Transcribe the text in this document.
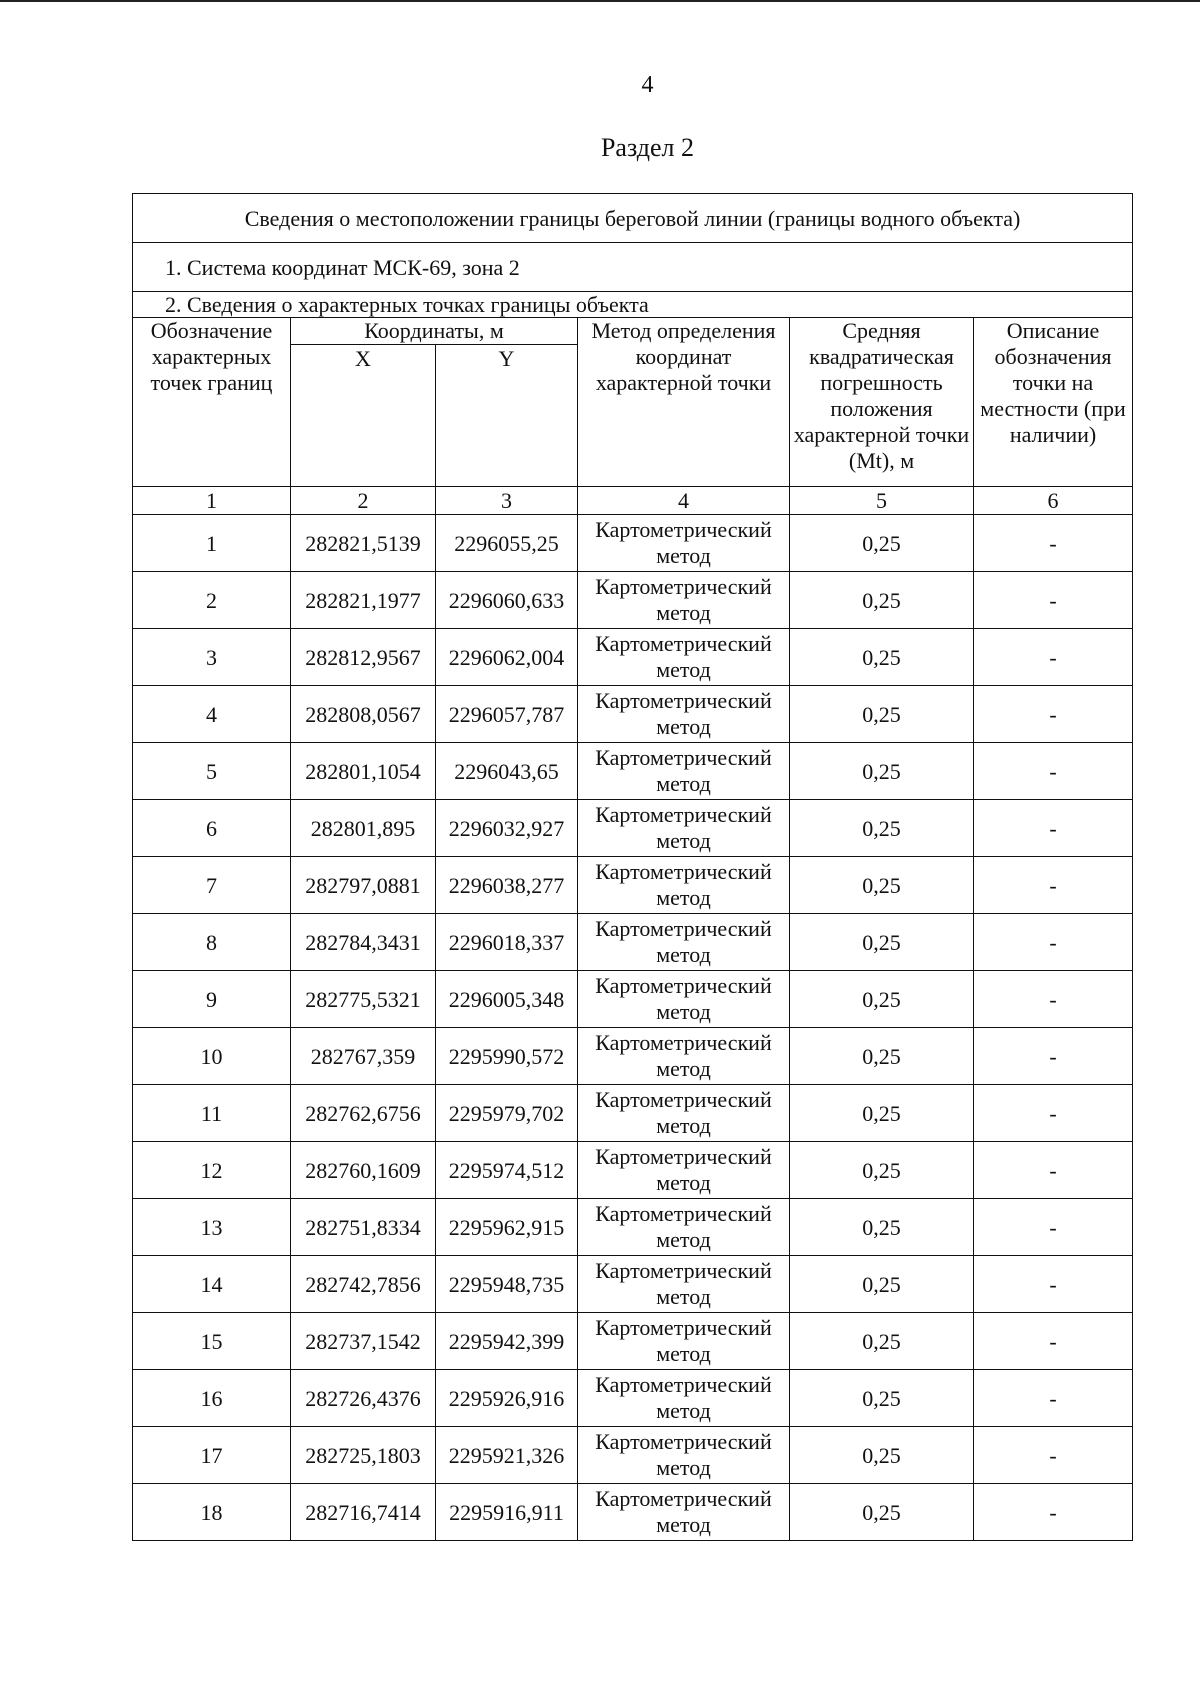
4
Раздел 2
Сведения о местоположении границы береговой линии (границы водного объекта)					
1. Система координат МСК-69, зона 2					
2. Сведения о характерных точках границы объекта					
Обозначение характерных точек границ	Координаты, м		Метод определения координат характерной точки	Средняя квадратическая погрешность положения характерной точки (Mt), м	Описание обозначения точки на местности (при наличии)
	X	Y			
1	2	3	4	5	6
1	282821,5139	2296055,25	Картометрический метод	0,25	-
2	282821,1977	2296060,633	Картометрический метод	0,25	-
3	282812,9567	2296062,004	Картометрический метод	0,25	-
4	282808,0567	2296057,787	Картометрический метод	0,25	-
5	282801,1054	2296043,65	Картометрический метод	0,25	-
6	282801,895	2296032,927	Картометрический метод	0,25	-
7	282797,0881	2296038,277	Картометрический метод	0,25	-
8	282784,3431	2296018,337	Картометрический метод	0,25	-
9	282775,5321	2296005,348	Картометрический метод	0,25	-
10	282767,359	2295990,572	Картометрический метод	0,25	-
11	282762,6756	2295979,702	Картометрический метод	0,25	-
12	282760,1609	2295974,512	Картометрический метод	0,25	-
13	282751,8334	2295962,915	Картометрический метод	0,25	-
14	282742,7856	2295948,735	Картометрический метод	0,25	-
15	282737,1542	2295942,399	Картометрический метод	0,25	-
16	282726,4376	2295926,916	Картометрический метод	0,25	-
17	282725,1803	2295921,326	Картометрический метод	0,25	-
18	282716,7414	2295916,911	Картометрический метод	0,25	-
